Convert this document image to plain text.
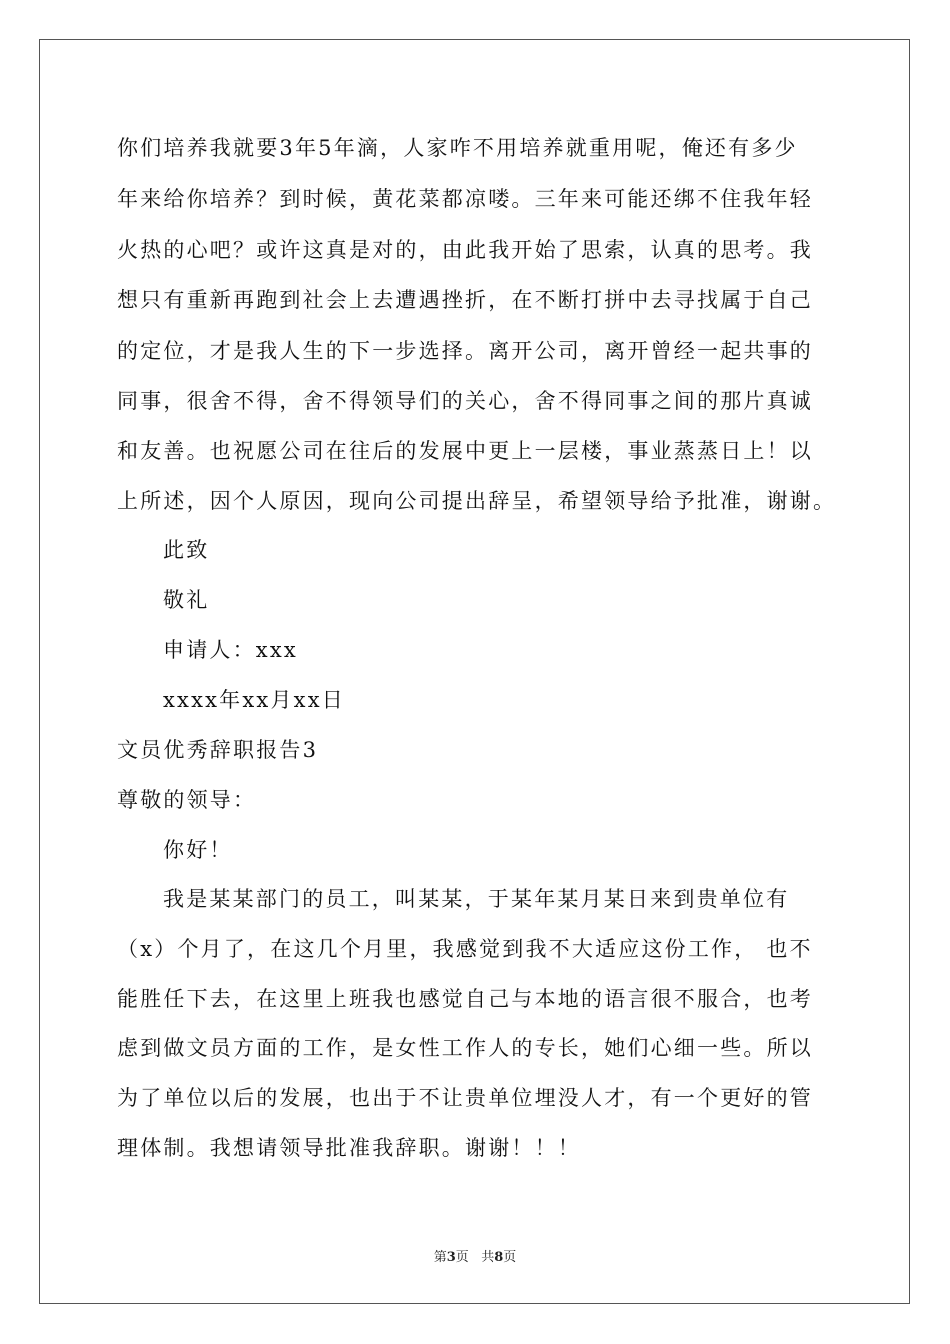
你们培养我就要3年5年滴，人家咋不用培养就重用呢，俺还有多少
年来给你培养？到时候，黄花菜都凉喽。三年来可能还绑不住我年轻
火热的心吧？或许这真是对的，由此我开始了思索，认真的思考。我
想只有重新再跑到社会上去遭遇挫折，在不断打拼中去寻找属于自己
的定位，才是我人生的下一步选择。离开公司，离开曾经一起共事的
同事，很舍不得，舍不得领导们的关心，舍不得同事之间的那片真诚
和友善。也祝愿公司在往后的发展中更上一层楼，事业蒸蒸日上！以
上所述，因个人原因，现向公司提出辞呈，希望领导给予批准，谢谢。
此致
敬礼
申请人：xxx
xxxx年xx月xx日
文员优秀辞职报告3
尊敬的领导：
你好！
我是某某部门的员工，叫某某，于某年某月某日来到贵单位有
（x）个月了，在这几个月里，我感觉到我不大适应这份工作， 也不
能胜任下去，在这里上班我也感觉自己与本地的语言很不服合，也考
虑到做文员方面的工作，是女性工作人的专长，她们心细一些。所以
为了单位以后的发展，也出于不让贵单位埋没人才，有一个更好的管
理体制。我想请领导批准我辞职。谢谢！！！
第3页 共8页
